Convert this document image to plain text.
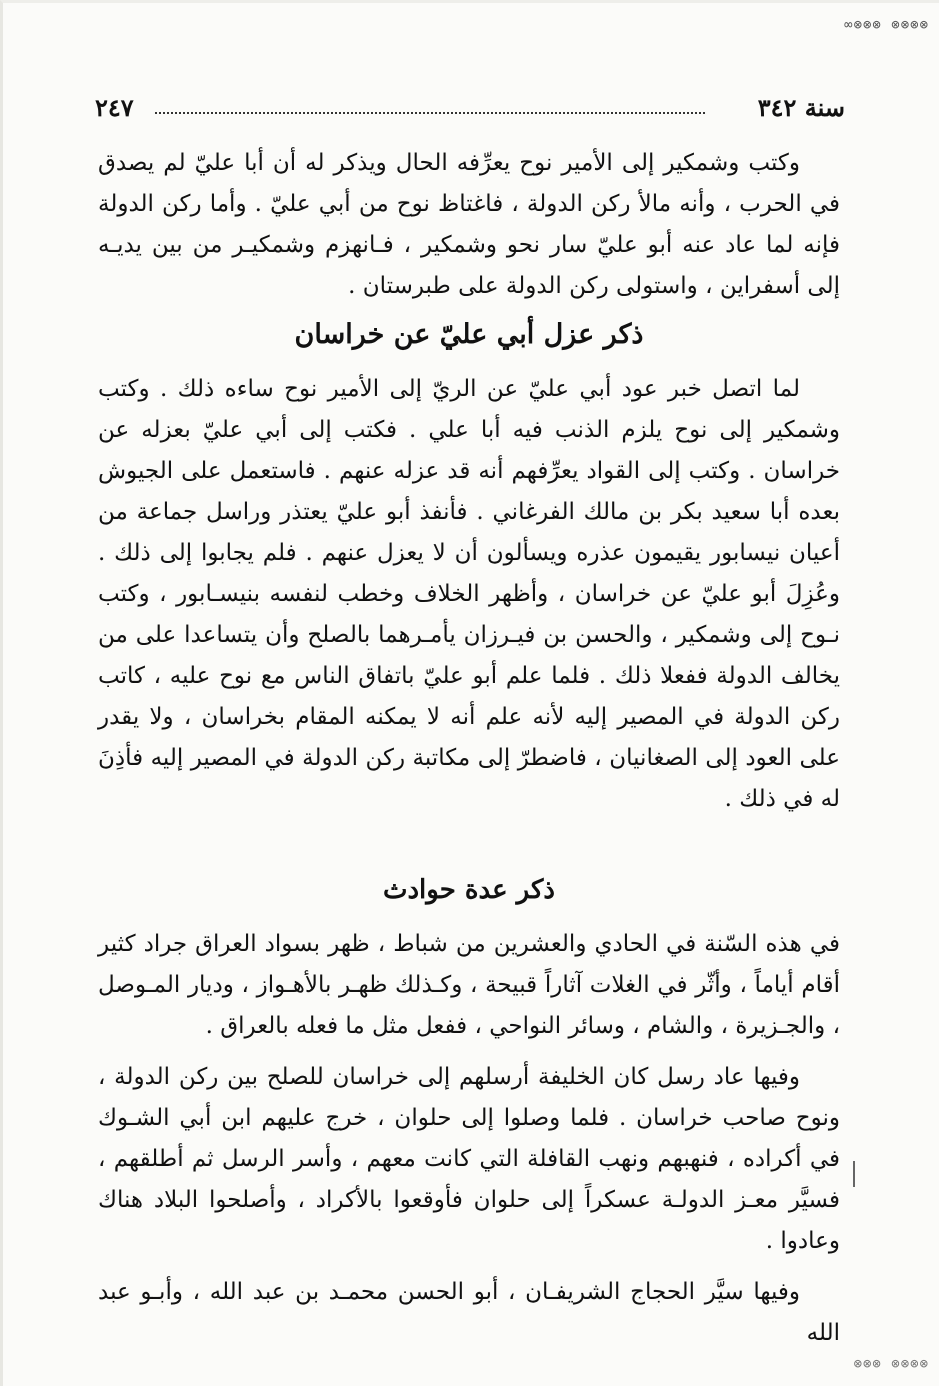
∞⊗⊗⊗ ⊗⊗⊗⊗
٢٤٧	سنة ٣٤٢

وكتب وشمكير إلى الأمير نوح يعرِّفه الحال ويذكر له أن أبا عليّ لم يصدق في الحرب ، وأنه مالأ ركن الدولة ، فاغتاظ نوح من أبي عليّ . وأما ركن الدولة فإنه لما عاد عنه أبو عليّ سار نحو وشمكير ، فـانهزم وشمكيـر من بين يديـه إلى أسفراين ، واستولى ركن الدولة على طبرستان .

ذكر عزل أبي عليّ عن خراسان

لما اتصل خبر عود أبي عليّ عن الريّ إلى الأمير نوح ساءه ذلك . وكتب وشمكير إلى نوح يلزم الذنب فيه أبا علي . فكتب إلى أبي عليّ بعزله عن خراسان . وكتب إلى القواد يعرِّفهم أنه قد عزله عنهم . فاستعمل على الجيوش بعده أبا سعيد بكر بن مالك الفرغاني . فأنفذ أبو عليّ يعتذر وراسل جماعة من أعيان نيسابور يقيمون عذره ويسألون أن لا يعزل عنهم . فلم يجابوا إلى ذلك . وعُزِلَ أبو عليّ عن خراسان ، وأظهر الخلاف وخطب لنفسه بنيسـابور ، وكتب نـوح إلى وشمكير ، والحسن بن فيـرزان يأمـرهما بالصلح وأن يتساعدا على من يخالف الدولة ففعلا ذلك . فلما علم أبو عليّ باتفاق الناس مع نوح عليه ، كاتب ركن الدولة في المصير إليه لأنه علم أنه لا يمكنه المقام بخراسان ، ولا يقدر على العود إلى الصغانيان ، فاضطرّ إلى مكاتبة ركن الدولة في المصير إليه فأذِنَ له في ذلك .

ذكر عدة حوادث

في هذه السّنة في الحادي والعشرين من شباط ، ظهر بسواد العراق جراد كثير أقام أياماً ، وأثّر في الغلات آثاراً قبيحة ، وكـذلك ظهـر بالأهـواز ، وديار المـوصل ، والجـزيرة ، والشام ، وسائر النواحي ، ففعل مثل ما فعله بالعراق .

وفيها عاد رسل كان الخليفة أرسلهم إلى خراسان للصلح بين ركن الدولة ، ونوح صاحب خراسان . فلما وصلوا إلى حلوان ، خرج عليهم ابن أبي الشـوك في أكراده ، فنهبهم ونهب القافلة التي كانت معهم ، وأسر الرسل ثم أطلقهم ، فسيَّر معـز الدولـة عسكراً إلى حلوان فأوقعوا بالأكراد ، وأصلحوا البلاد هناك وعادوا .

وفيها سيَّر الحجاج الشريفـان ، أبو الحسن محمـد بن عبد الله ، وأبـو عبد الله

⊗⊗⊗ ⊗⊗⊗⊗
